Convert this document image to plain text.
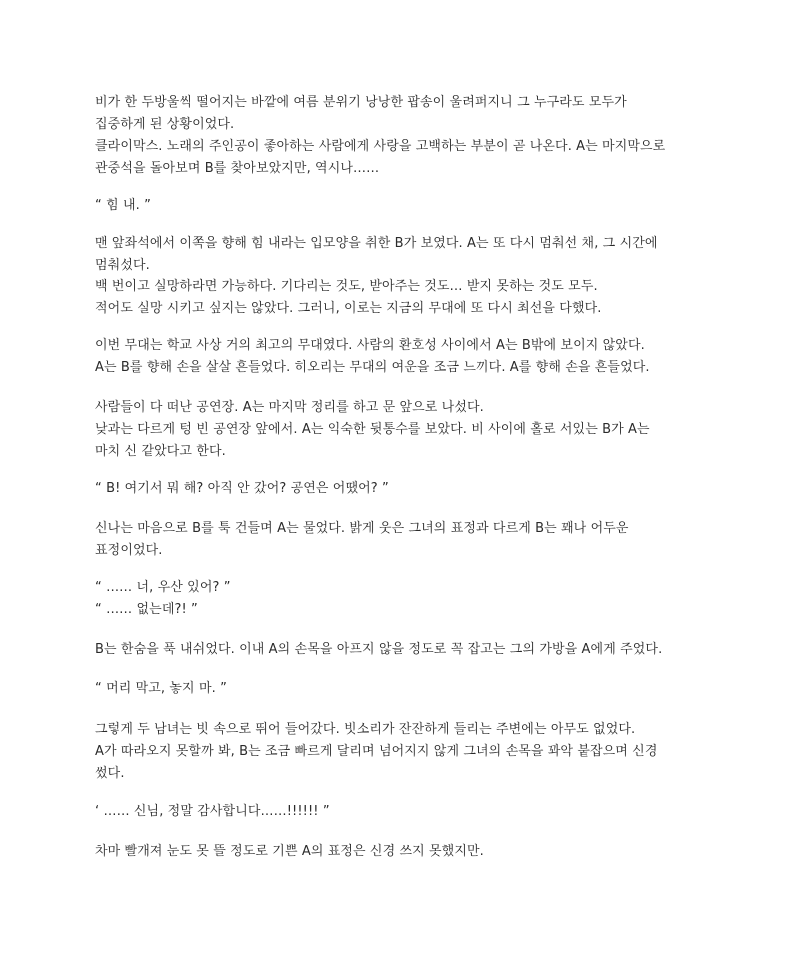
비가 한 두방울씩 떨어지는 바깥에 여름 분위기 낭낭한 팝송이 울려퍼지니 그 누구라도 모두가
집중하게 된 상황이었다.
클라이막스. 노래의 주인공이 좋아하는 사람에게 사랑을 고백하는 부분이 곧 나온다. A는 마지막으로
관중석을 돌아보며 B를 찾아보았지만, 역시나……
“ 힘 내. ”
맨 앞좌석에서 이쪽을 향해 힘 내라는 입모양을 취한 B가 보였다. A는 또 다시 멈춰선 채, 그 시간에
멈춰섰다.
백 번이고 실망하라면 가능하다. 기다리는 것도, 받아주는 것도… 받지 못하는 것도 모두.
적어도 실망 시키고 싶지는 않았다. 그러니, 이로는 지금의 무대에 또 다시 최선을 다했다.
이번 무대는 학교 사상 거의 최고의 무대였다. 사람의 환호성 사이에서 A는 B밖에 보이지 않았다.
A는 B를 향해 손을 살살 흔들었다. 히오리는 무대의 여운을 조금 느끼다. A를 향해 손을 흔들었다.
사람들이 다 떠난 공연장. A는 마지막 정리를 하고 문 앞으로 나섰다.
낮과는 다르게 텅 빈 공연장 앞에서. A는 익숙한 뒷통수를 보았다. 비 사이에 홀로 서있는 B가 A는
마치 신 같았다고 한다.
“ B! 여기서 뭐 해? 아직 안 갔어? 공연은 어땠어? ”
신나는 마음으로 B를 툭 건들며 A는 물었다. 밝게 웃은 그녀의 표정과 다르게 B는 꽤나 어두운
표정이었다.
“ …… 너, 우산 있어? ”
“ …… 없는데?! ”
B는 한숨을 푹 내쉬었다. 이내 A의 손목을 아프지 않을 정도로 꼭 잡고는 그의 가방을 A에게 주었다.
“ 머리 막고, 놓지 마. ”
그렇게 두 남녀는 빗 속으로 뛰어 들어갔다. 빗소리가 잔잔하게 들리는 주변에는 아무도 없었다.
A가 따라오지 못할까 봐, B는 조금 빠르게 달리며 넘어지지 않게 그녀의 손목을 꽈악 붙잡으며 신경
썼다.
‘ …… 신님, 정말 감사합니다……!!!!!! ”
차마 빨개져 눈도 못 뜰 정도로 기쁜 A의 표정은 신경 쓰지 못했지만.
